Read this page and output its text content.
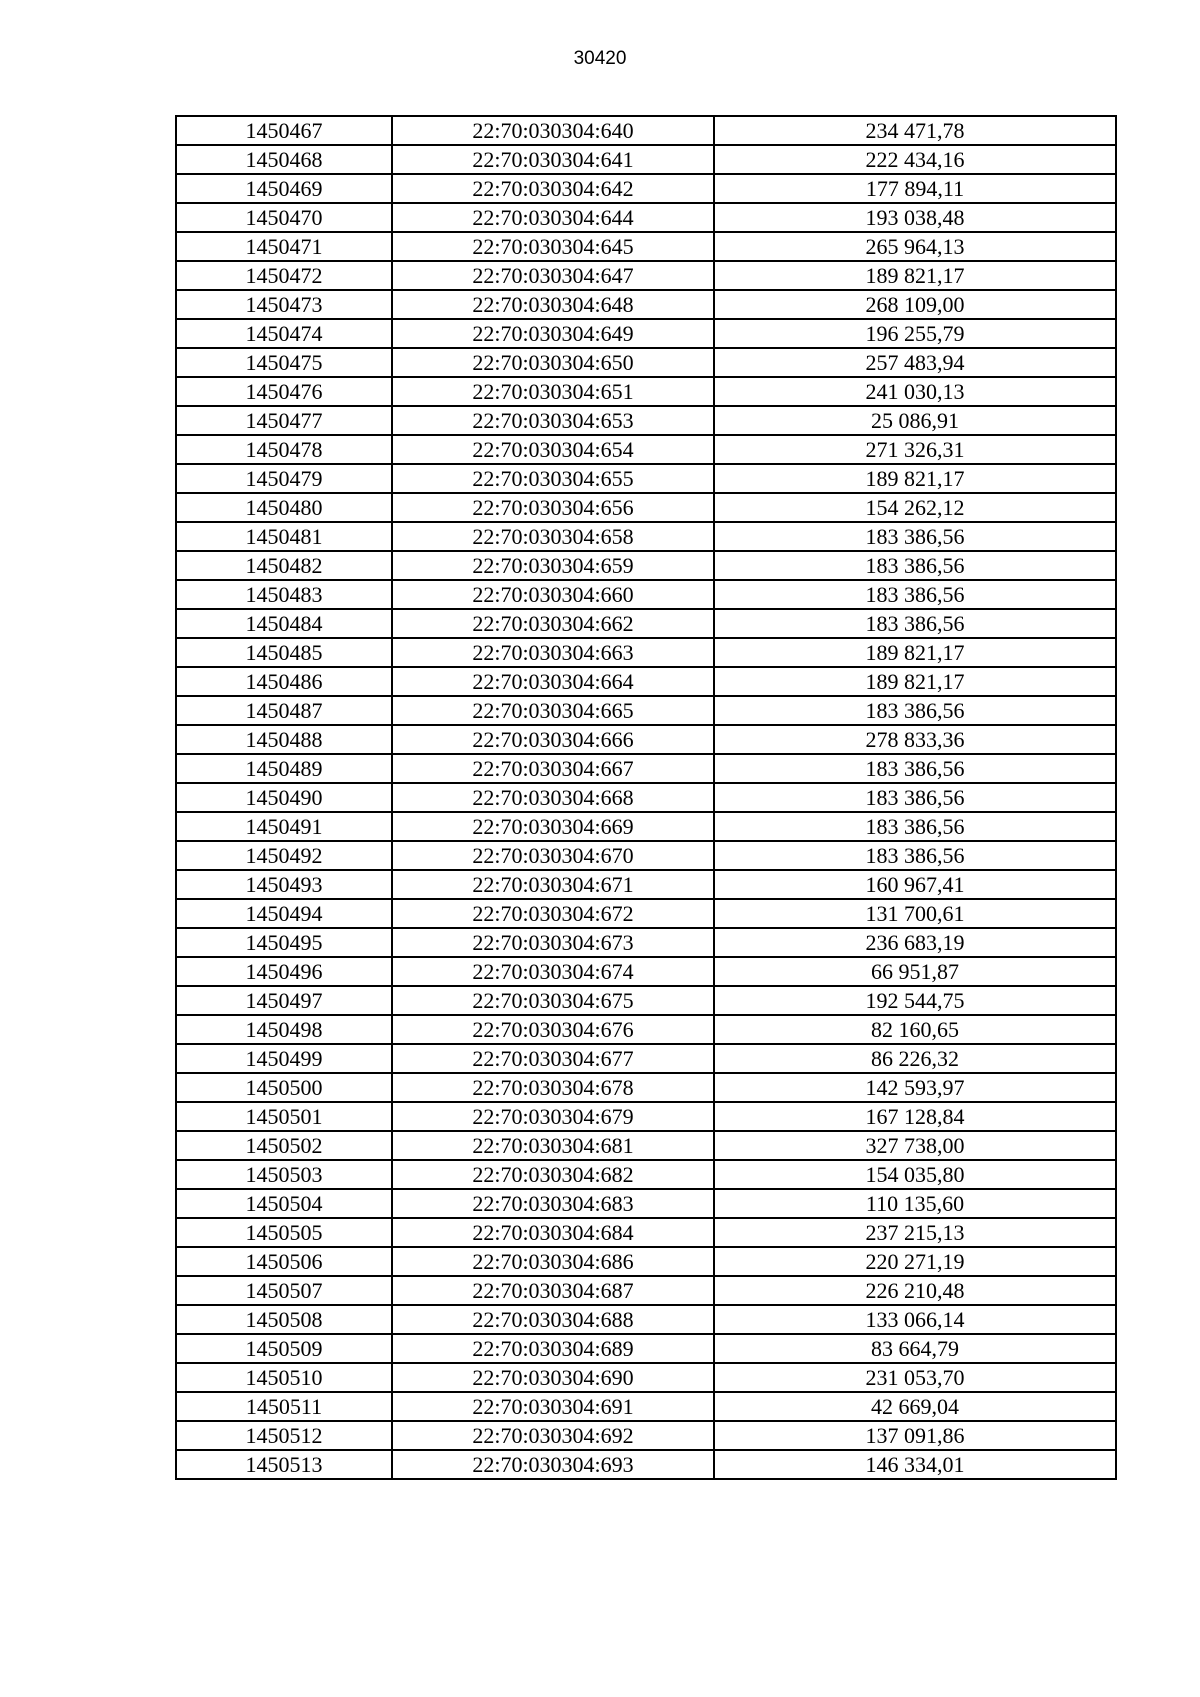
30420
1450467	22:70:030304:640	234 471,78
1450468	22:70:030304:641	222 434,16
1450469	22:70:030304:642	177 894,11
1450470	22:70:030304:644	193 038,48
1450471	22:70:030304:645	265 964,13
1450472	22:70:030304:647	189 821,17
1450473	22:70:030304:648	268 109,00
1450474	22:70:030304:649	196 255,79
1450475	22:70:030304:650	257 483,94
1450476	22:70:030304:651	241 030,13
1450477	22:70:030304:653	25 086,91
1450478	22:70:030304:654	271 326,31
1450479	22:70:030304:655	189 821,17
1450480	22:70:030304:656	154 262,12
1450481	22:70:030304:658	183 386,56
1450482	22:70:030304:659	183 386,56
1450483	22:70:030304:660	183 386,56
1450484	22:70:030304:662	183 386,56
1450485	22:70:030304:663	189 821,17
1450486	22:70:030304:664	189 821,17
1450487	22:70:030304:665	183 386,56
1450488	22:70:030304:666	278 833,36
1450489	22:70:030304:667	183 386,56
1450490	22:70:030304:668	183 386,56
1450491	22:70:030304:669	183 386,56
1450492	22:70:030304:670	183 386,56
1450493	22:70:030304:671	160 967,41
1450494	22:70:030304:672	131 700,61
1450495	22:70:030304:673	236 683,19
1450496	22:70:030304:674	66 951,87
1450497	22:70:030304:675	192 544,75
1450498	22:70:030304:676	82 160,65
1450499	22:70:030304:677	86 226,32
1450500	22:70:030304:678	142 593,97
1450501	22:70:030304:679	167 128,84
1450502	22:70:030304:681	327 738,00
1450503	22:70:030304:682	154 035,80
1450504	22:70:030304:683	110 135,60
1450505	22:70:030304:684	237 215,13
1450506	22:70:030304:686	220 271,19
1450507	22:70:030304:687	226 210,48
1450508	22:70:030304:688	133 066,14
1450509	22:70:030304:689	83 664,79
1450510	22:70:030304:690	231 053,70
1450511	22:70:030304:691	42 669,04
1450512	22:70:030304:692	137 091,86
1450513	22:70:030304:693	146 334,01
